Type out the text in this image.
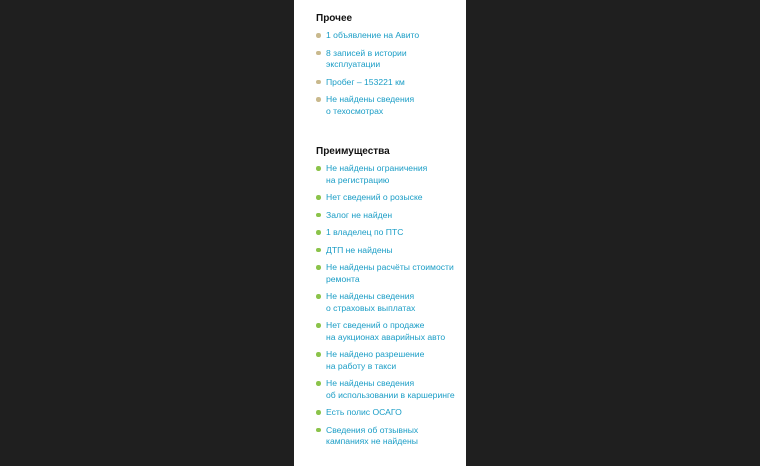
Прочее
1 объявление на Авито
8 записей в истории
эксплуатации
Пробег – 153221 км
Не найдены сведения
о техосмотрах
Преимущества
Не найдены ограничения
на регистрацию
Нет сведений о розыске
Залог не найден
1 владелец по ПТС
ДТП не найдены
Не найдены расчёты стоимости
ремонта
Не найдены сведения
о страховых выплатах
Нет сведений о продаже
на аукционах аварийных авто
Не найдено разрешение
на работу в такси
Не найдены сведения
об использовании в каршеринге
Есть полис ОСАГО
Сведения об отзывных
кампаниях не найдены
